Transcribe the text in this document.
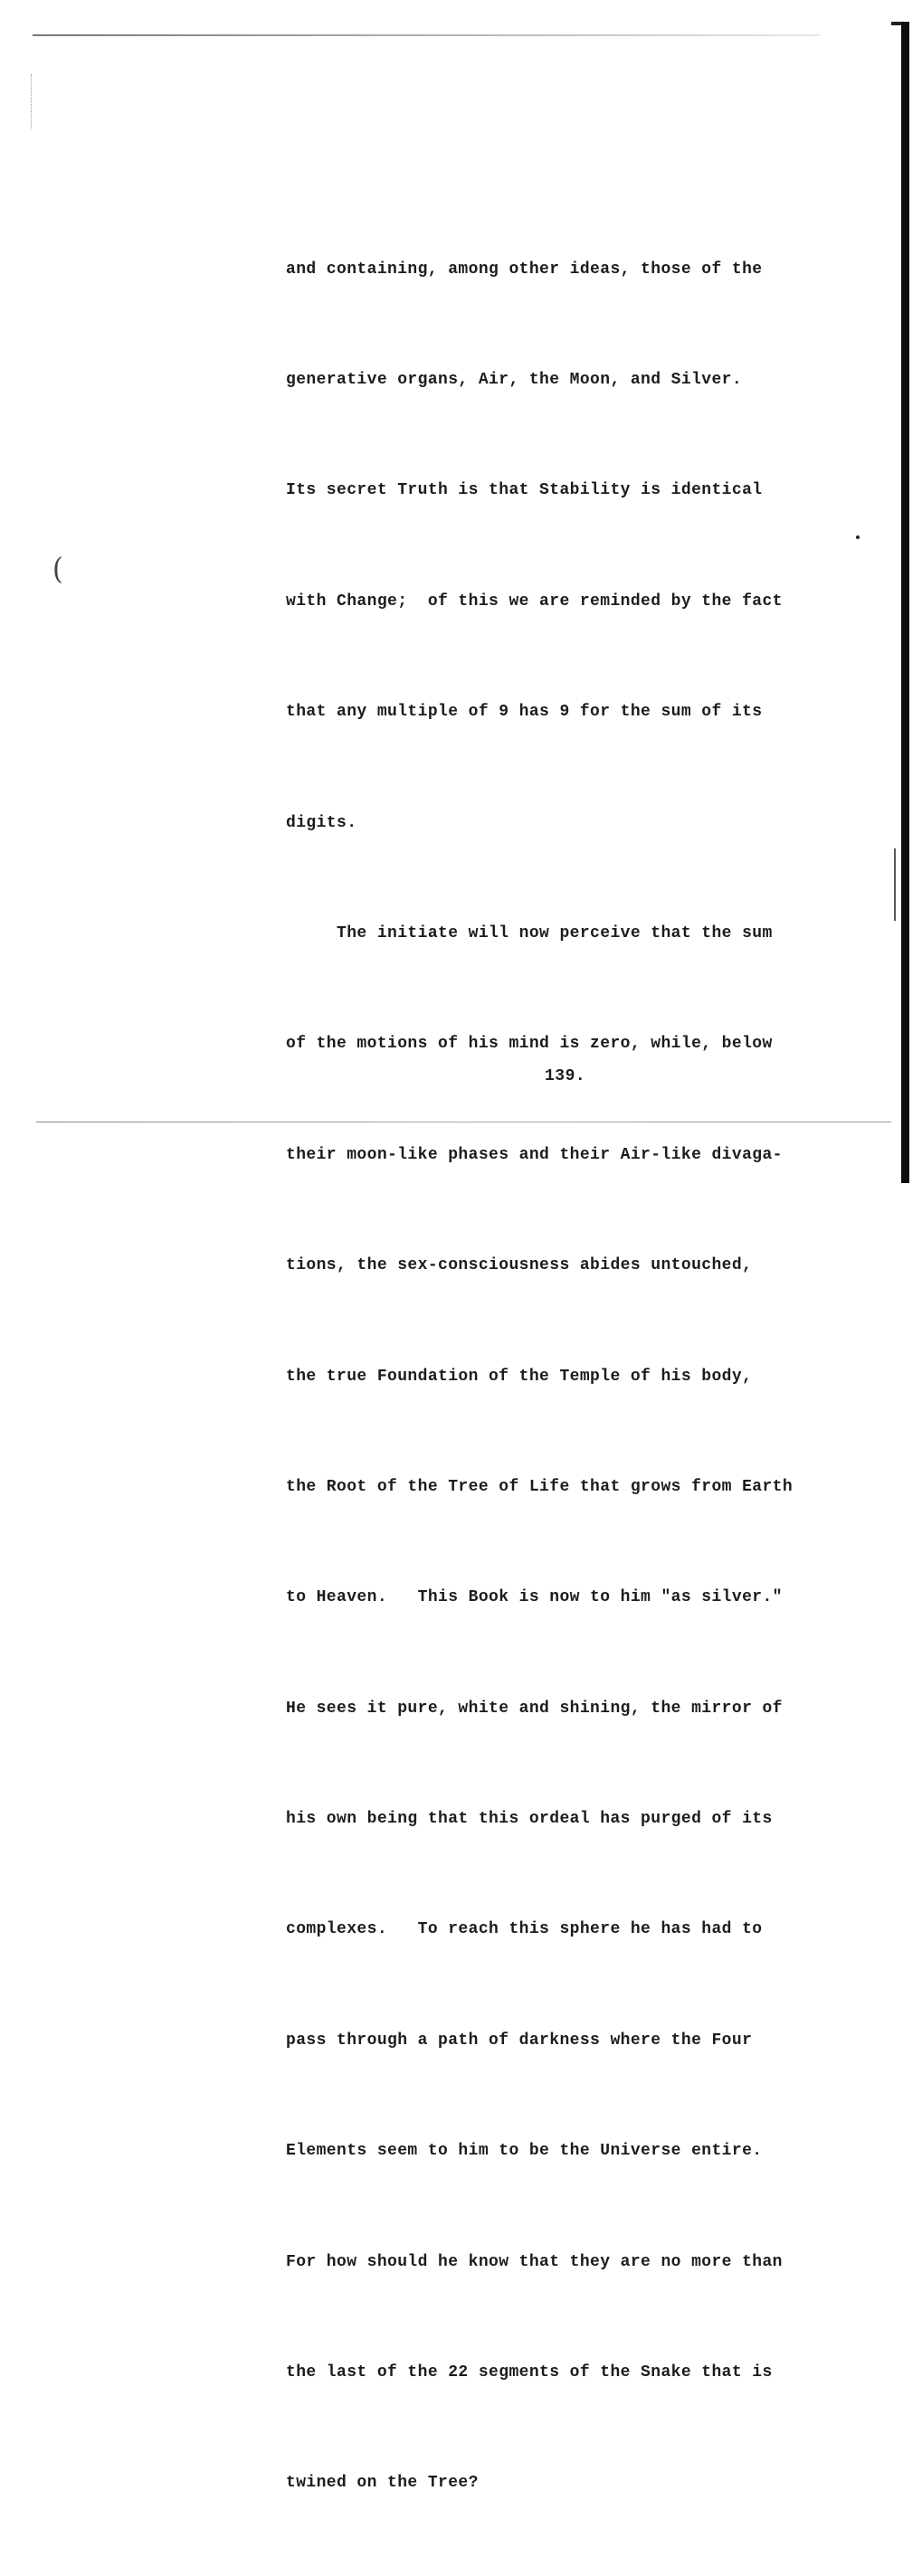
(

and containing, among other ideas, those of the

generative organs, Air, the Moon, and Silver.

Its secret Truth is that Stability is identical

with Change;  of this we are reminded by the fact

that any multiple of 9 has 9 for the sum of its

digits.

The initiate will now perceive that the sum

of the motions of his mind is zero, while, below

their moon-like phases and their Air-like divaga-

tions, the sex-consciousness abides untouched,

the true Foundation of the Temple of his body,

the Root of the Tree of Life that grows from Earth

to Heaven.   This Book is now to him "as silver."

He sees it pure, white and shining, the mirror of

his own being that this ordeal has purged of its

complexes.   To reach this sphere he has had to

pass through a path of darkness where the Four

Elements seem to him to be the Universe entire.

For how should he know that they are no more than

the last of the 22 segments of the Snake that is

twined on the Tree?

139.
